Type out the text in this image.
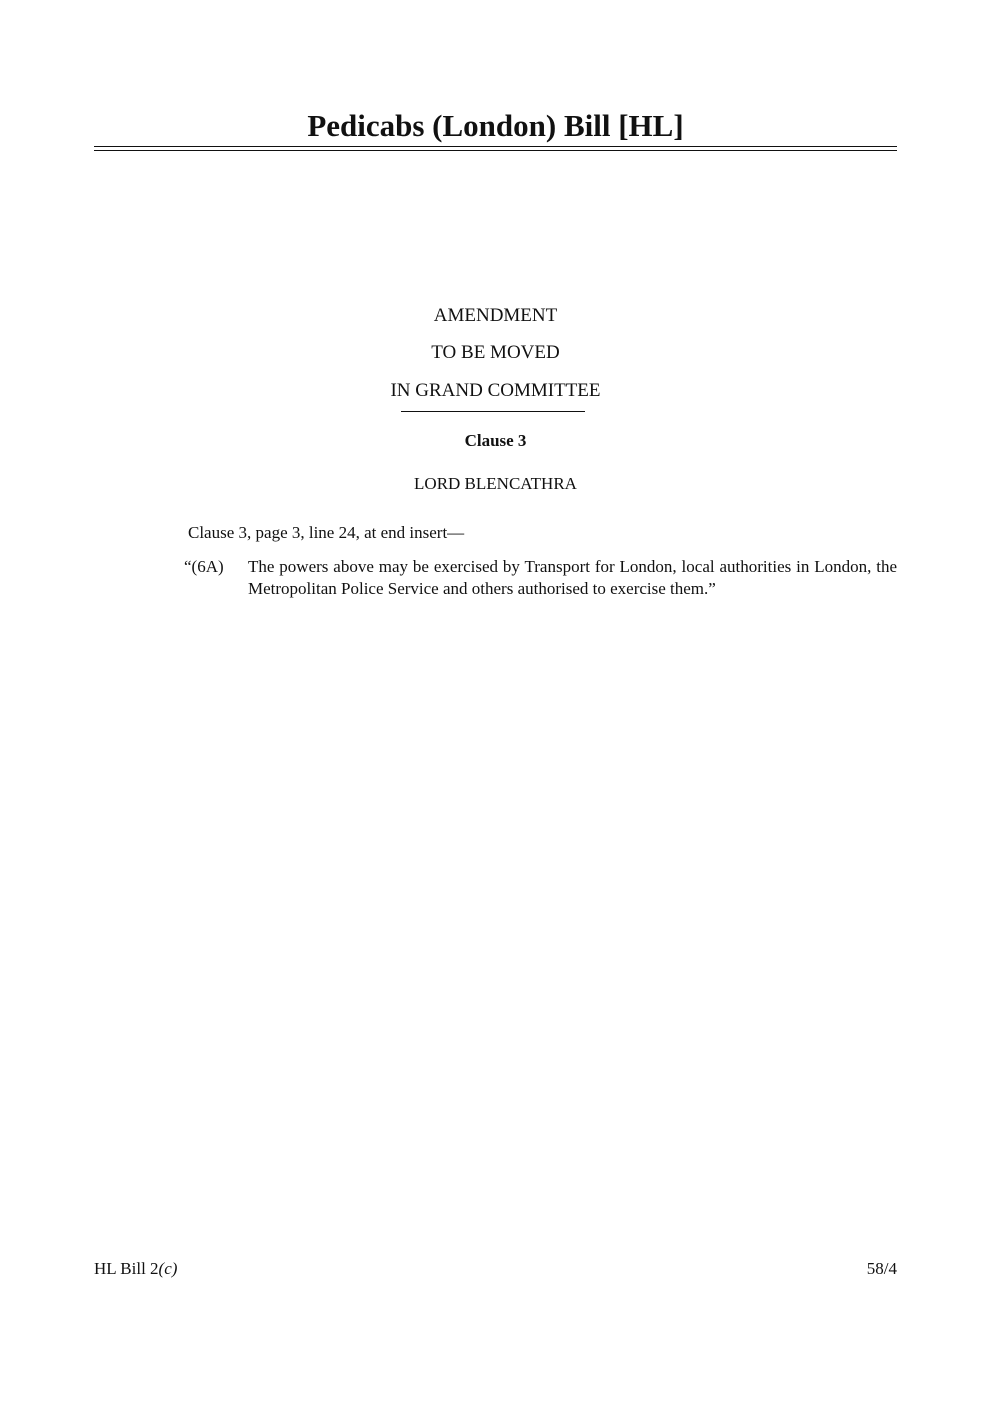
Pedicabs (London) Bill [HL]
AMENDMENT
TO BE MOVED
IN GRAND COMMITTEE
Clause 3
LORD BLENCATHRA
Clause 3, page 3, line 24, at end insert—
“(6A) The powers above may be exercised by Transport for London, local authorities in London, the Metropolitan Police Service and others authorised to exercise them.”
HL Bill 2(c)	58/4
